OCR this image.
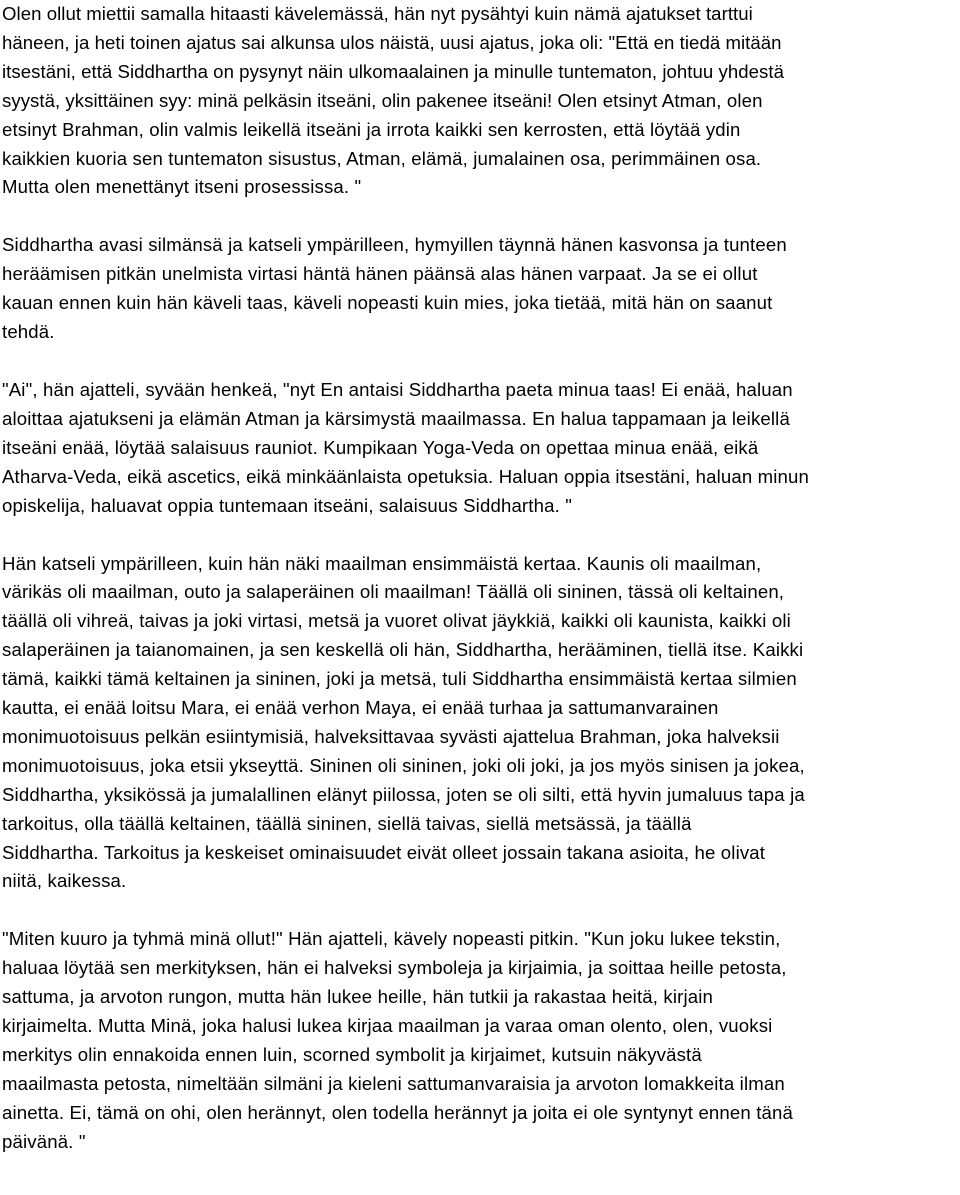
Olen ollut miettii samalla hitaasti kävelemässä, hän nyt pysähtyi kuin nämä ajatukset tarttui
häneen, ja heti toinen ajatus sai alkunsa ulos näistä, uusi ajatus, joka oli: "Että en tiedä mitään
itsestäni, että Siddhartha on pysynyt näin ulkomaalainen ja minulle tuntematon, johtuu yhdestä
syystä, yksittäinen syy: minä pelkäsin itseäni, olin pakenee itseäni! Olen etsinyt Atman, olen
etsinyt Brahman, olin valmis leikellä itseäni ja irrota kaikki sen kerrosten, että löytää ydin
kaikkien kuoria sen tuntematon sisustus, Atman, elämä, jumalainen osa, perimmäinen osa.
Mutta olen menettänyt itseni prosessissa. "

Siddhartha avasi silmänsä ja katseli ympärilleen, hymyillen täynnä hänen kasvonsa ja tunteen
heräämisen pitkän unelmista virtasi häntä hänen päänsä alas hänen varpaat. Ja se ei ollut
kauan ennen kuin hän käveli taas, käveli nopeasti kuin mies, joka tietää, mitä hän on saanut
tehdä.

"Ai", hän ajatteli, syvään henkeä, "nyt En antaisi Siddhartha paeta minua taas! Ei enää, haluan
aloittaa ajatukseni ja elämän Atman ja kärsimystä maailmassa. En halua tappamaan ja leikellä
itseäni enää, löytää salaisuus rauniot. Kumpikaan Yoga-Veda on opettaa minua enää, eikä
Atharva-Veda, eikä ascetics, eikä minkäänlaista opetuksia. Haluan oppia itsestäni, haluan minun
opiskelija, haluavat oppia tuntemaan itseäni, salaisuus Siddhartha. "

Hän katseli ympärilleen, kuin hän näki maailman ensimmäistä kertaa. Kaunis oli maailman,
värikäs oli maailman, outo ja salaperäinen oli maailman! Täällä oli sininen, tässä oli keltainen,
täällä oli vihreä, taivas ja joki virtasi, metsä ja vuoret olivat jäykkiä, kaikki oli kaunista, kaikki oli
salaperäinen ja taianomainen, ja sen keskellä oli hän, Siddhartha, herääminen, tiellä itse. Kaikki
tämä, kaikki tämä keltainen ja sininen, joki ja metsä, tuli Siddhartha ensimmäistä kertaa silmien
kautta, ei enää loitsu Mara, ei enää verhon Maya, ei enää turhaa ja sattumanvarainen
monimuotoisuus pelkän esiintymisiä, halveksittavaa syvästi ajattelua Brahman, joka halveksii
monimuotoisuus, joka etsii ykseyttä. Sininen oli sininen, joki oli joki, ja jos myös sinisen ja jokea,
Siddhartha, yksikössä ja jumalallinen elänyt piilossa, joten se oli silti, että hyvin jumaluus tapa ja
tarkoitus, olla täällä keltainen, täällä sininen, siellä taivas, siellä metsässä, ja täällä
Siddhartha. Tarkoitus ja keskeiset ominaisuudet eivät olleet jossain takana asioita, he olivat
niitä, kaikessa.

"Miten kuuro ja tyhmä minä ollut!" Hän ajatteli, kävely nopeasti pitkin. "Kun joku lukee tekstin,
haluaa löytää sen merkityksen, hän ei halveksi symboleja ja kirjaimia, ja soittaa heille petosta,
sattuma, ja arvoton rungon, mutta hän lukee heille, hän tutkii ja rakastaa heitä, kirjain
kirjaimelta. Mutta Minä, joka halusi lukea kirjaa maailman ja varaa oman olento, olen, vuoksi
merkitys olin ennakoida ennen luin, scorned symbolit ja kirjaimet, kutsuin näkyvästä
maailmasta petosta, nimeltään silmäni ja kieleni sattumanvaraisia ja arvoton lomakkeita ilman
ainetta. Ei, tämä on ohi, olen herännyt, olen todella herännyt ja joita ei ole syntynyt ennen tänä
päivänä. "
